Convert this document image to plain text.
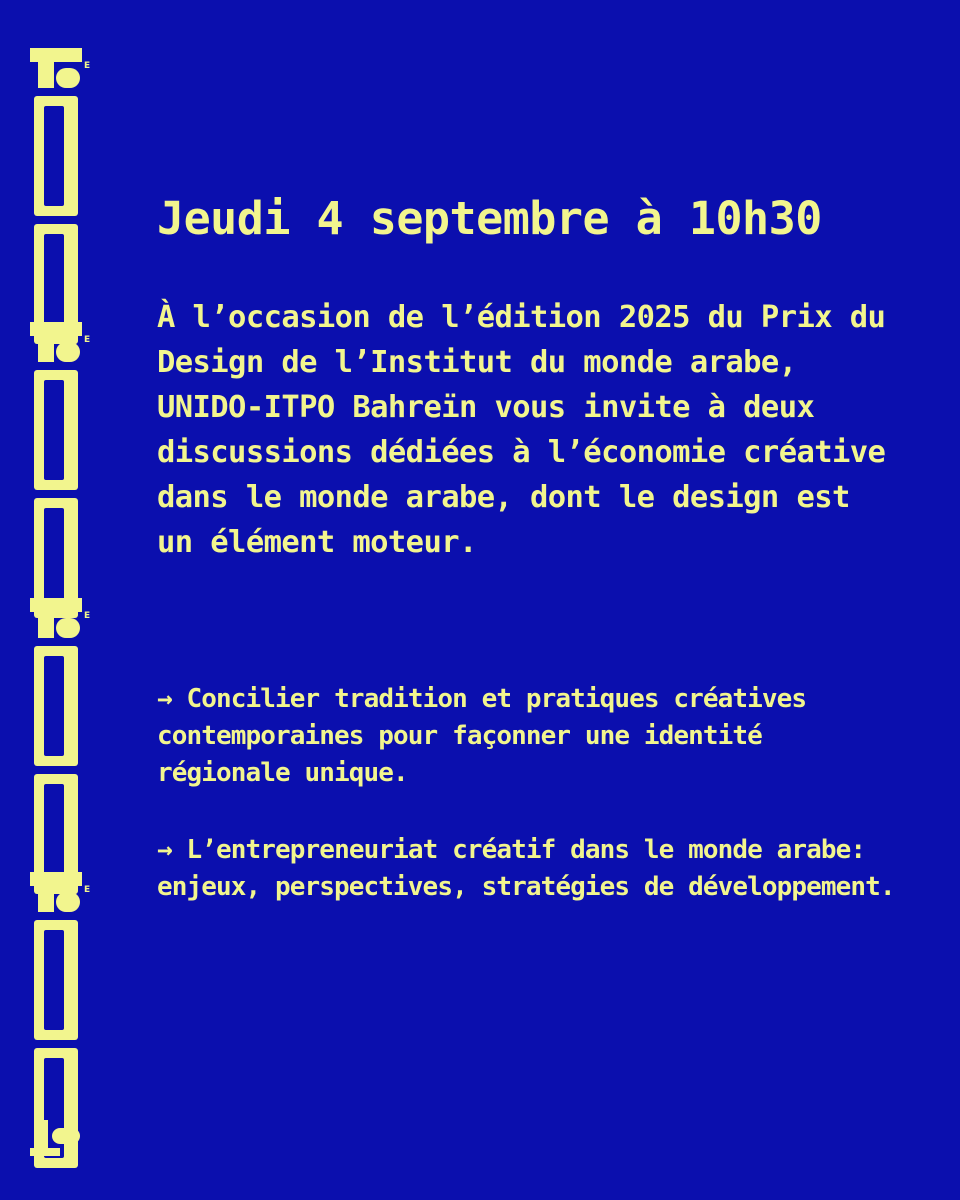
E
E
E
E
Jeudi 4 septembre à 10h30

À l’occasion de l’édition 2025 du Prix du Design de l’Institut du monde arabe, UNIDO-ITPO Bahreïn vous invite à deux discussions dédiées à l’économie créative dans le monde arabe, dont le design est un élément moteur.

→ Concilier tradition et pratiques créatives contemporaines pour façonner une identité régionale unique.

→ L’entrepreneuriat créatif dans le monde arabe: enjeux, perspectives, stratégies de développement.
